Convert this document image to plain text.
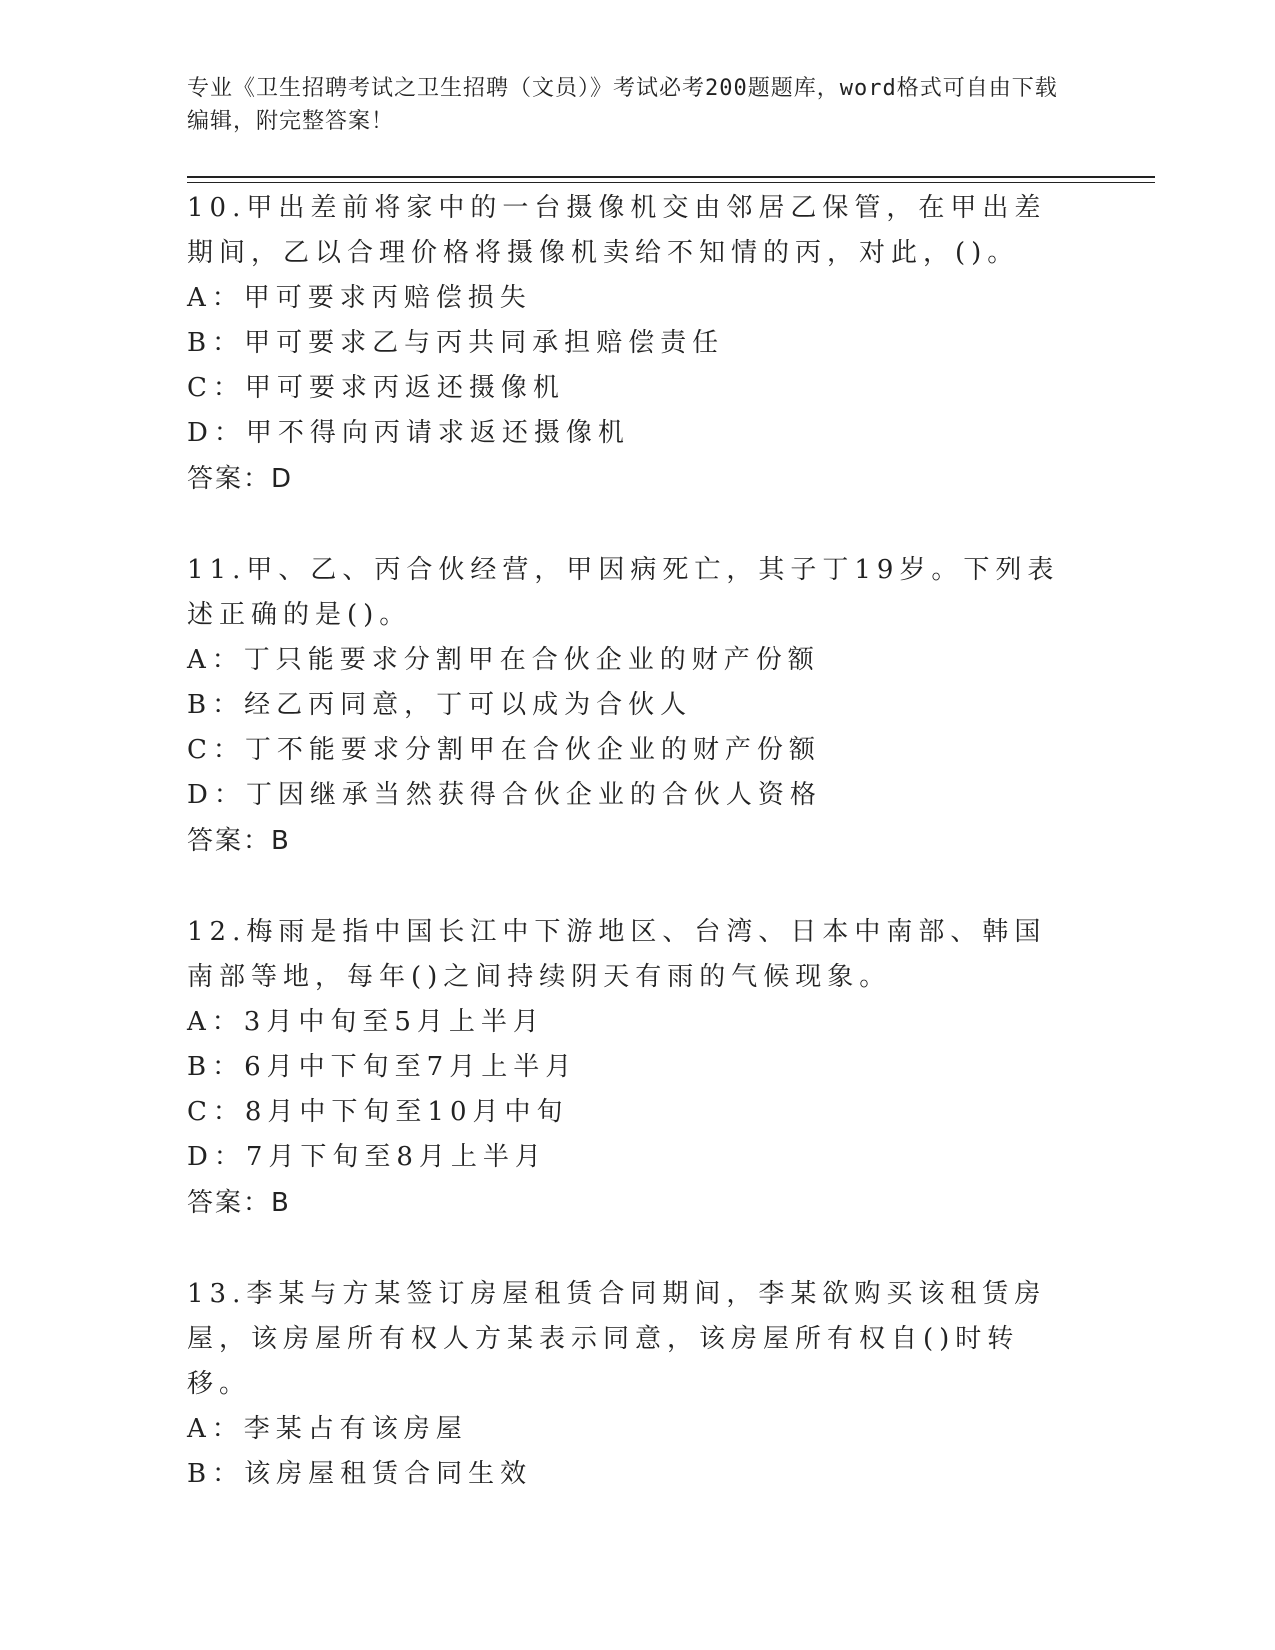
专业《卫生招聘考试之卫生招聘（文员）》考试必考200题题库，word格式可自由下载编辑，附完整答案！
10.甲出差前将家中的一台摄像机交由邻居乙保管，在甲出差期间，乙以合理价格将摄像机卖给不知情的丙，对此，()。
A：甲可要求丙赔偿损失
B：甲可要求乙与丙共同承担赔偿责任
C：甲可要求丙返还摄像机
D：甲不得向丙请求返还摄像机
答案：D
11.甲、乙、丙合伙经营，甲因病死亡，其子丁19岁。下列表述正确的是()。
A：丁只能要求分割甲在合伙企业的财产份额
B：经乙丙同意，丁可以成为合伙人
C：丁不能要求分割甲在合伙企业的财产份额
D：丁因继承当然获得合伙企业的合伙人资格
答案：B
12.梅雨是指中国长江中下游地区、台湾、日本中南部、韩国南部等地，每年()之间持续阴天有雨的气候现象。
A：3月中旬至5月上半月
B：6月中下旬至7月上半月
C：8月中下旬至10月中旬
D：7月下旬至8月上半月
答案：B
13.李某与方某签订房屋租赁合同期间，李某欲购买该租赁房屋，该房屋所有权人方某表示同意，该房屋所有权自()时转移。
A：李某占有该房屋
B：该房屋租赁合同生效
